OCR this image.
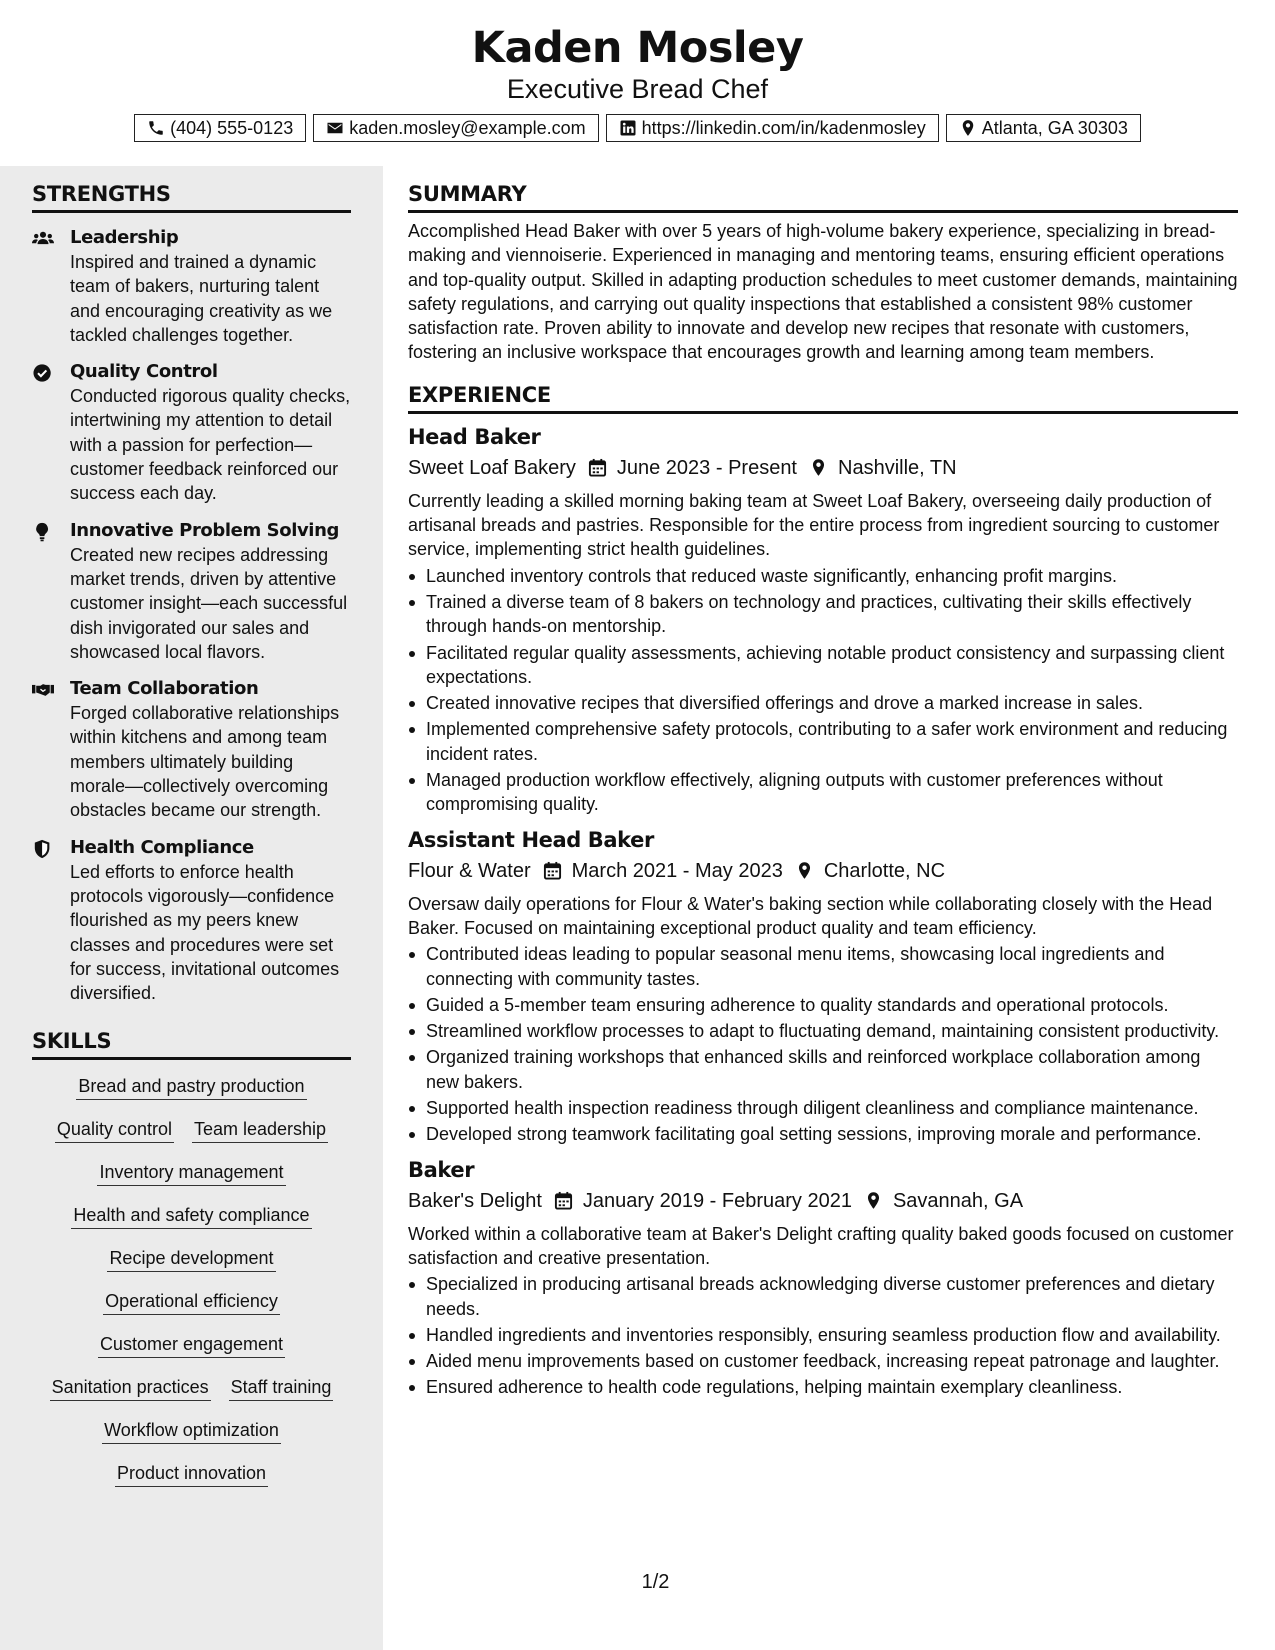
Kaden Mosley
Executive Bread Chef
(404) 555-0123	kaden.mosley@example.com	https://linkedin.com/in/kadenmosley	Atlanta, GA 30303
STRENGTHS
Leadership
Inspired and trained a dynamic team of bakers, nurturing talent and encouraging creativity as we tackled challenges together.
Quality Control
Conducted rigorous quality checks, intertwining my attention to detail with a passion for perfection—customer feedback reinforced our success each day.
Innovative Problem Solving
Created new recipes addressing market trends, driven by attentive customer insight—each successful dish invigorated our sales and showcased local flavors.
Team Collaboration
Forged collaborative relationships within kitchens and among team members ultimately building morale—collectively overcoming obstacles became our strength.
Health Compliance
Led efforts to enforce health protocols vigorously—confidence flourished as my peers knew classes and procedures were set for success, invitational outcomes diversified.
SKILLS
Bread and pastry production
Quality control Team leadership
Inventory management
Health and safety compliance
Recipe development
Operational efficiency
Customer engagement
Sanitation practices Staff training
Workflow optimization
Product innovation
SUMMARY
Accomplished Head Baker with over 5 years of high-volume bakery experience, specializing in bread-making and viennoiserie. Experienced in managing and mentoring teams, ensuring efficient operations and top-quality output. Skilled in adapting production schedules to meet customer demands, maintaining safety regulations, and carrying out quality inspections that established a consistent 98% customer satisfaction rate. Proven ability to innovate and develop new recipes that resonate with customers, fostering an inclusive workspace that encourages growth and learning among team members.
EXPERIENCE
Head Baker
Sweet Loaf Bakery June 2023 - Present Nashville, TN
Currently leading a skilled morning baking team at Sweet Loaf Bakery, overseeing daily production of artisanal breads and pastries. Responsible for the entire process from ingredient sourcing to customer service, implementing strict health guidelines.
Launched inventory controls that reduced waste significantly, enhancing profit margins.
Trained a diverse team of 8 bakers on technology and practices, cultivating their skills effectively through hands-on mentorship.
Facilitated regular quality assessments, achieving notable product consistency and surpassing client expectations.
Created innovative recipes that diversified offerings and drove a marked increase in sales.
Implemented comprehensive safety protocols, contributing to a safer work environment and reducing incident rates.
Managed production workflow effectively, aligning outputs with customer preferences without compromising quality.
Assistant Head Baker
Flour & Water March 2021 - May 2023 Charlotte, NC
Oversaw daily operations for Flour & Water's baking section while collaborating closely with the Head Baker. Focused on maintaining exceptional product quality and team efficiency.
Contributed ideas leading to popular seasonal menu items, showcasing local ingredients and connecting with community tastes.
Guided a 5-member team ensuring adherence to quality standards and operational protocols.
Streamlined workflow processes to adapt to fluctuating demand, maintaining consistent productivity.
Organized training workshops that enhanced skills and reinforced workplace collaboration among new bakers.
Supported health inspection readiness through diligent cleanliness and compliance maintenance.
Developed strong teamwork facilitating goal setting sessions, improving morale and performance.
Baker
Baker's Delight January 2019 - February 2021 Savannah, GA
Worked within a collaborative team at Baker's Delight crafting quality baked goods focused on customer satisfaction and creative presentation.
Specialized in producing artisanal breads acknowledging diverse customer preferences and dietary needs.
Handled ingredients and inventories responsibly, ensuring seamless production flow and availability.
Aided menu improvements based on customer feedback, increasing repeat patronage and laughter.
Ensured adherence to health code regulations, helping maintain exemplary cleanliness.
1/2
